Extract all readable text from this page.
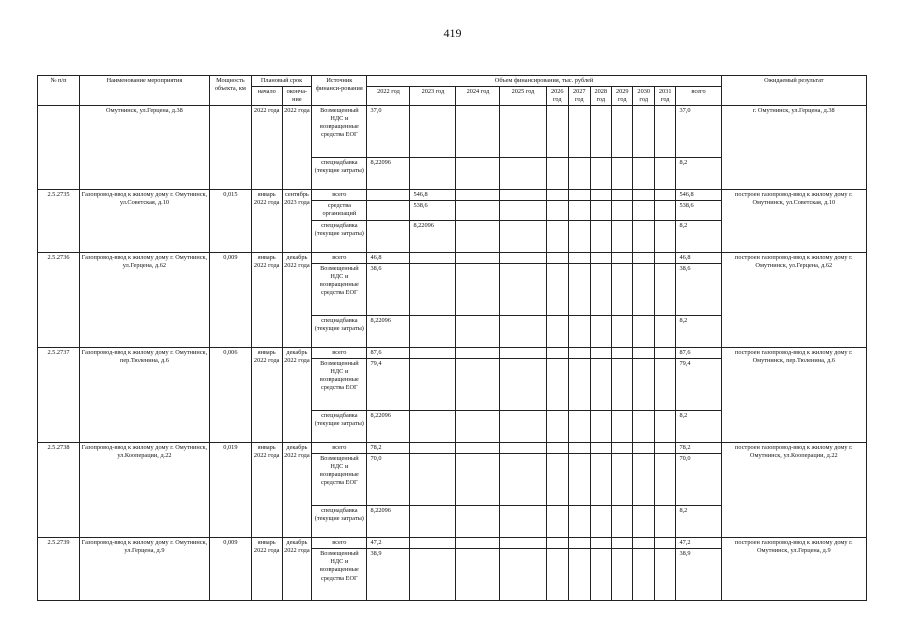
419
№ п/п	Наименование мероприятия	Мощность объекта, км	Плановый срок		Источник финанси-рования	Объем финансирования, тыс. рублей											Ожидаемый результат
			начало	оконча-ние		2022 год	2023 год	2024 год	2025 год	2026 год	2027 год	2028 год	2029 год	2030 год	2031 год	всего	
	Омутнинск, ул.Герцена, д.38		2022 года	2022 года	Возмещенный НДС и возвращенные средства ЕОГ	37,0										37,0	г. Омутнинск, ул.Герцена, д.38
					спецнадбавка (текущие затраты)	8,22096										8,2	
2.5.2735	Газопровод-ввод к жилому дому г. Омутнинск, ул.Советская, д.10	0,015	январь 2022 года	сентябрь 2023 года	всего		546,8									546,8	построен газопровод-ввод к жилому дому г. Омутнинск, ул.Советская, д.10
					средства организаций		538,6									538,6	
					спецнадбавка (текущие затраты)		8,22096									8,2	
2.5.2736	Газопровод-ввод к жилому дому г. Омутнинск, ул.Герцена, д.62	0,009	январь 2022 года	декабрь 2022 года	всего	46,8										46,8	построен газопровод-ввод к жилому дому г. Омутнинск, ул.Герцена, д.62
					Возмещенный НДС и возвращенные средства ЕОГ	38,6										38,6	
					спецнадбавка (текущие затраты)	8,22096										8,2	
2.5.2737	Газопровод-ввод к жилому дому г. Омутнинск, пер.Тюленина, д.6	0,006	январь 2022 года	декабрь 2022 года	всего	87,6										87,6	построен газопровод-ввод к жилому дому г. Омутнинск, пер.Тюленина, д.6
					Возмещенный НДС и возвращенные средства ЕОГ	79,4										79,4	
					спецнадбавка (текущие затраты)	8,22096										8,2	
2.5.2738	Газопровод-ввод к жилому дому г. Омутнинск, ул.Кооперации, д.22	0,019	январь 2022 года	декабрь 2022 года	всего	78,2										78,2	построен газопровод-ввод к жилому дому г. Омутнинск, ул.Кооперации, д.22
					Возмещенный НДС и возвращенные средства ЕОГ	70,0										70,0	
					спецнадбавка (текущие затраты)	8,22096										8,2	
2.5.2739	Газопровод-ввод к жилому дому г. Омутнинск, ул.Герцена, д.9	0,009	январь 2022 года	декабрь 2022 года	всего	47,2										47,2	построен газопровод-ввод к жилому дому г. Омутнинск, ул.Герцена, д.9
					Возмещенный НДС и возвращенные средства ЕОГ	38,9										38,9	
